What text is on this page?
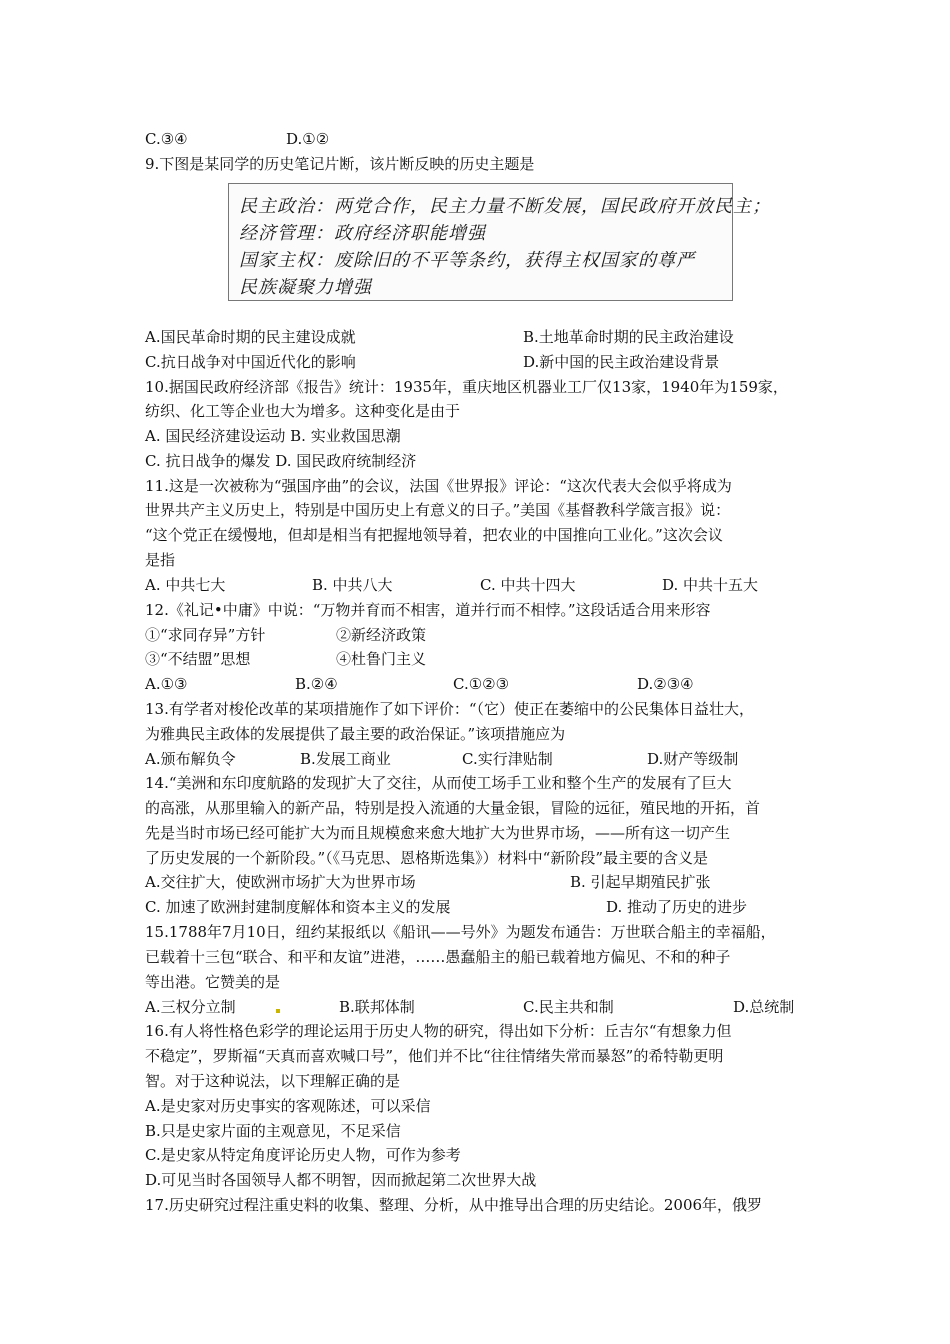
C.③④
9.下图是某同学的历史笔记片断，该片断反映的历史主题是
A.国民革命时期的民主建设成就
C.抗日战争对中国近代化的影响
10.据国民政府经济部《报告》统计：1935年，重庆地区机器业工厂仅13家，1940年为159家，
纺织、化工等企业也大为增多。这种变化是由于
A. 国民经济建设运动 B. 实业救国思潮
C. 抗日战争的爆发 D. 国民政府统制经济
11.这是一次被称为“强国序曲”的会议，法国《世界报》评论：“这次代表大会似乎将成为
世界共产主义历史上，特别是中国历史上有意义的日子。”美国《基督教科学箴言报》说：
“这个党正在缓慢地，但却是相当有把握地领导着，把农业的中国推向工业化。”这次会议
是指
A. 中共七大
12.《礼记•中庸》中说：“万物并育而不相害，道并行而不相悖。”这段话适合用来形容
①“求同存异”方针
③“不结盟”思想
A.①③
13.有学者对梭伦改革的某项措施作了如下评价：“（它）使正在萎缩中的公民集体日益壮大，
为雅典民主政体的发展提供了最主要的政治保证。”该项措施应为
A.颁布解负令
14.“美洲和东印度航路的发现扩大了交往，从而使工场手工业和整个生产的发展有了巨大
的高涨，从那里输入的新产品，特别是投入流通的大量金银，冒险的远征，殖民地的开拓，首
先是当时市场已经可能扩大为而且规模愈来愈大地扩大为世界市场，——所有这一切产生
了历史发展的一个新阶段。”（《马克思、恩格斯选集》）材料中“新阶段”最主要的含义是
A.交往扩大，使欧洲市场扩大为世界市场
C. 加速了欧洲封建制度解体和资本主义的发展
15.1788年7月10日，纽约某报纸以《船讯——号外》为题发布通告：万世联合船主的幸福船，
已载着十三包“联合、和平和友谊”进港，……愚蠢船主的船已载着地方偏见、不和的种子
等出港。它赞美的是
A.三权分立制
16.有人将性格色彩学的理论运用于历史人物的研究，得出如下分析：丘吉尔“有想象力但
不稳定”，罗斯福“天真而喜欢喊口号”，他们并不比“往往情绪失常而暴怒”的希特勒更明
智。对于这种说法，以下理解正确的是
A.是史家对历史事实的客观陈述，可以采信
B.只是史家片面的主观意见，不足采信
C.是史家从特定角度评论历史人物，可作为参考
D.可见当时各国领导人都不明智，因而掀起第二次世界大战
17.历史研究过程注重史料的收集、整理、分析，从中推导出合理的历史结论。2006年，俄罗
D.①②
B.土地革命时期的民主政治建设
D.新中国的民主政治建设背景
B. 中共八大	C. 中共十四大	D. 中共十五大
②新经济政策
④杜鲁门主义
B.②④	C.①②③	D.②③④
B.发展工商业	C.实行津贴制	D.财产等级制
B. 引起早期殖民扩张
D. 推动了历史的进步
B.联邦体制	C.民主共和制	D.总统制
民主政治：两党合作，民主力量不断发展，国民政府开放民主；
经济管理：政府经济职能增强
国家主权：废除旧的不平等条约，获得主权国家的尊严
民族凝聚力增强
